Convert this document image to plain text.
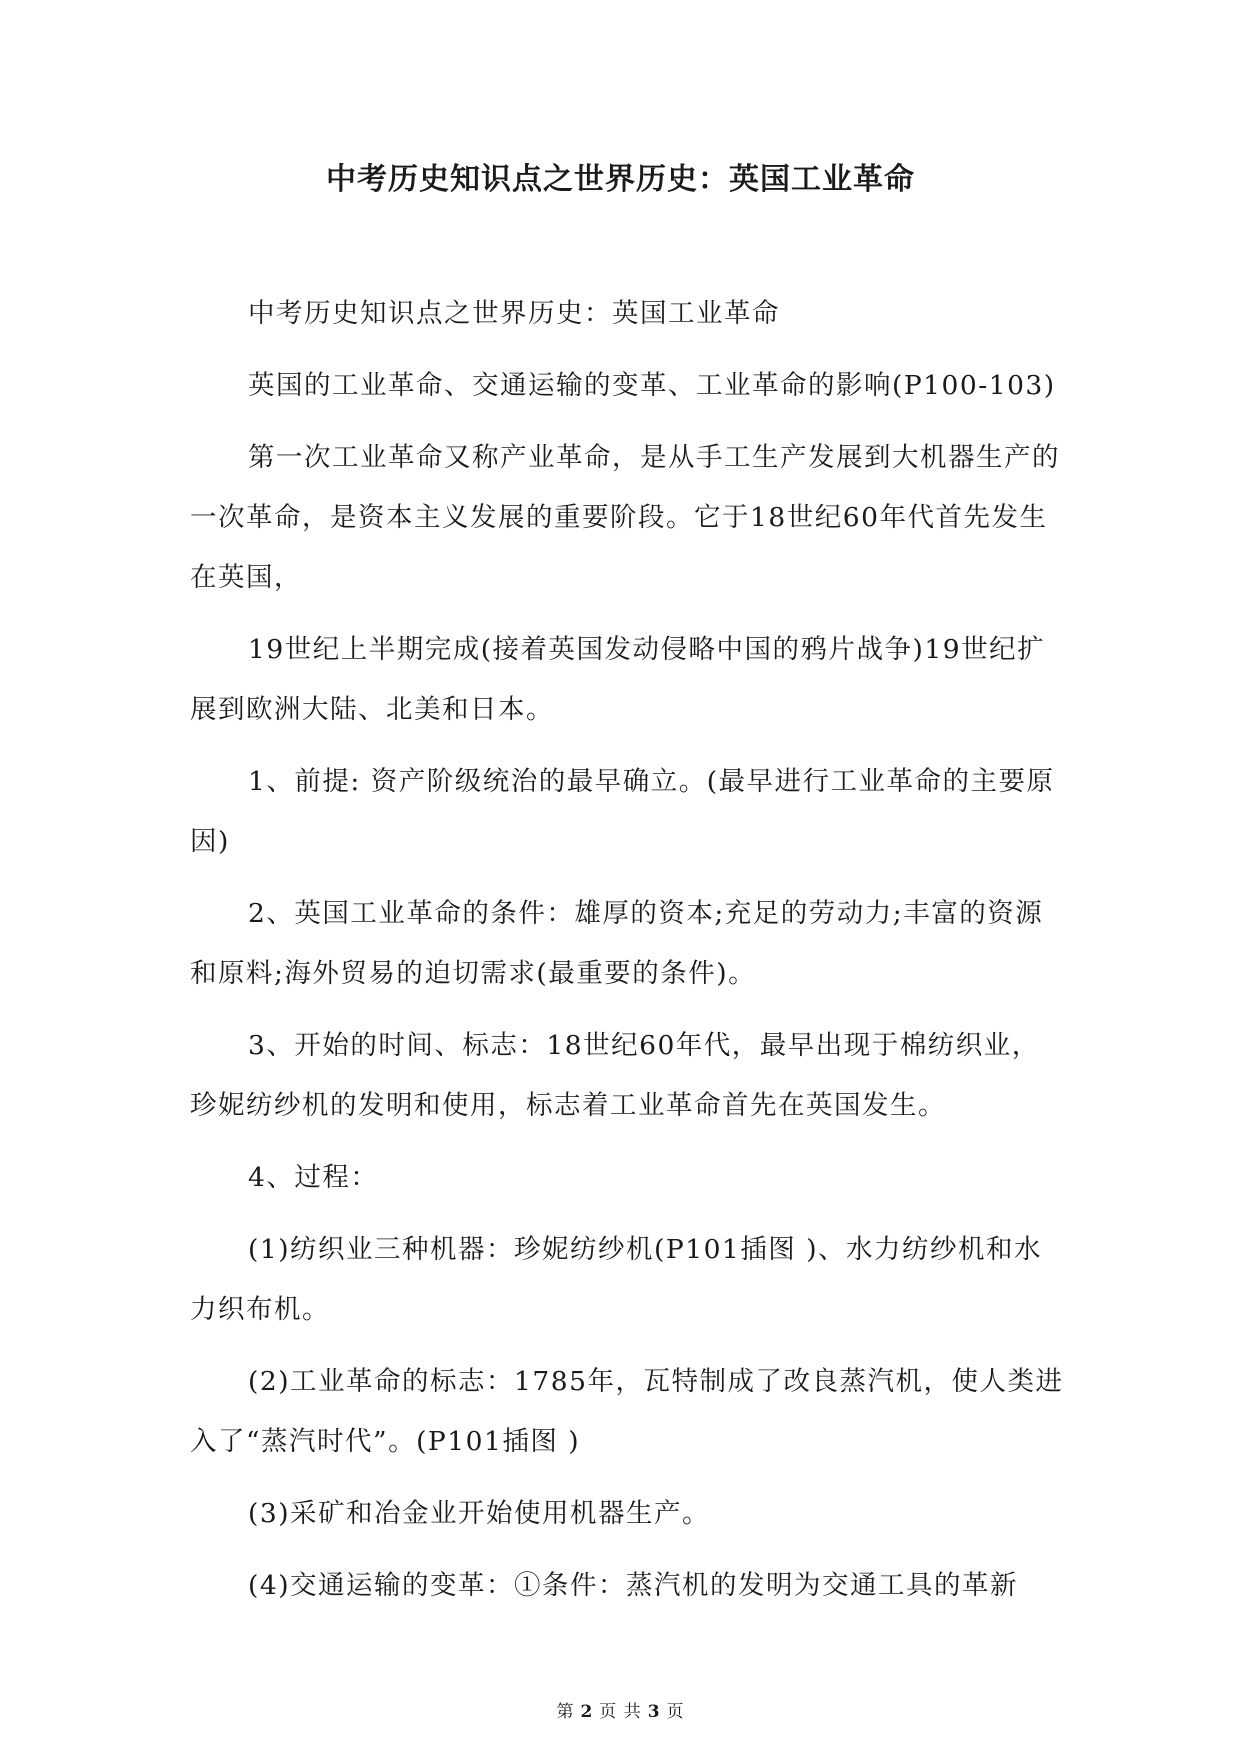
中考历史知识点之世界历史：英国工业革命

中考历史知识点之世界历史：英国工业革命

英国的工业革命、交通运输的变革、工业革命的影响(P100-103)

第一次工业革命又称产业革命，是从手工生产发展到大机器生产的一次革命，是资本主义发展的重要阶段。它于18世纪60年代首先发生在英国，

19世纪上半期完成(接着英国发动侵略中国的鸦片战争)19世纪扩展到欧洲大陆、北美和日本。

1、前提: 资产阶级统治的最早确立。(最早进行工业革命的主要原因)

2、英国工业革命的条件：雄厚的资本;充足的劳动力;丰富的资源和原料;海外贸易的迫切需求(最重要的条件)。

3、开始的时间、标志：18世纪60年代，最早出现于棉纺织业，珍妮纺纱机的发明和使用，标志着工业革命首先在英国发生。

4、过程：

(1)纺织业三种机器：珍妮纺纱机(P101插图 )、水力纺纱机和水力织布机。

(2)工业革命的标志：1785年，瓦特制成了改良蒸汽机，使人类进入了“蒸汽时代”。(P101插图 )

(3)采矿和冶金业开始使用机器生产。

(4)交通运输的变革：①条件：蒸汽机的发明为交通工具的革新

第 2 页 共 3 页
